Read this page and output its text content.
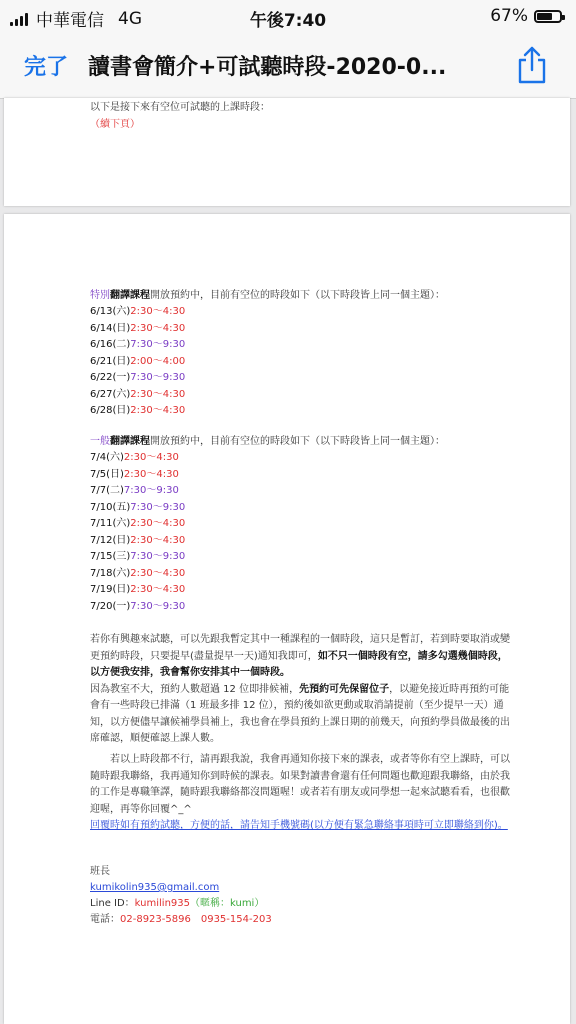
中華電信 4G	午後7:40	67%
完了 讀書會簡介+可試聽時段-2020-0...
以下是接下來有空位可試聽的上課時段：
（續下頁）
特別翻譯課程開放預約中，目前有空位的時段如下（以下時段皆上同一個主題）：
6/13(六)2:30～4:30
6/14(日)2:30～4:30
6/16(二)7:30～9:30
6/21(日)2:00～4:00
6/22(一)7:30～9:30
6/27(六)2:30～4:30
6/28(日)2:30～4:30
一般翻譯課程開放預約中，目前有空位的時段如下（以下時段皆上同一個主題）：
7/4(六)2:30～4:30
7/5(日)2:30～4:30
7/7(二)7:30～9:30
7/10(五)7:30～9:30
7/11(六)2:30～4:30
7/12(日)2:30～4:30
7/15(三)7:30～9:30
7/18(六)2:30～4:30
7/19(日)2:30～4:30
7/20(一)7:30～9:30
若你有興趣來試聽，可以先跟我暫定其中一種課程的一個時段，這只是暫訂，若到時要取消或變更預約時段，只要提早(盡量提早一天)通知我即可，如不只一個時段有空，請多勾選幾個時段，以方便我安排，我會幫你安排其中一個時段。
因為教室不大，預約人數超過 12 位即排候補，先預約可先保留位子，以避免接近時再預約可能會有一些時段已排滿（1 班最多排 12 位），預約後如欲更動或取消請提前（至少提早一天）通知，以方便儘早讓候補學員補上，我也會在學員預約上課日期的前幾天，向預約學員做最後的出席確認，順便確認上課人數。
若以上時段都不行，請再跟我說，我會再通知你接下來的課表，或者等你有空上課時，可以隨時跟我聯絡，我再通知你到時候的課表。如果對讀書會還有任何問題也歡迎跟我聯絡，由於我的工作是專職筆譯，隨時跟我聯絡都沒問題喔！或者若有朋友或同學想一起來試聽看看，也很歡迎喔，再等你回覆^_^
回覆時如有預約試聽，方便的話，請告知手機號碼(以方便有緊急聯絡事項時可立即聯絡到你)。
班長
kumikolin935@gmail.com
Line ID：kumilin935（暱稱：kumi）
電話：02-8923-5896　0935-154-203
